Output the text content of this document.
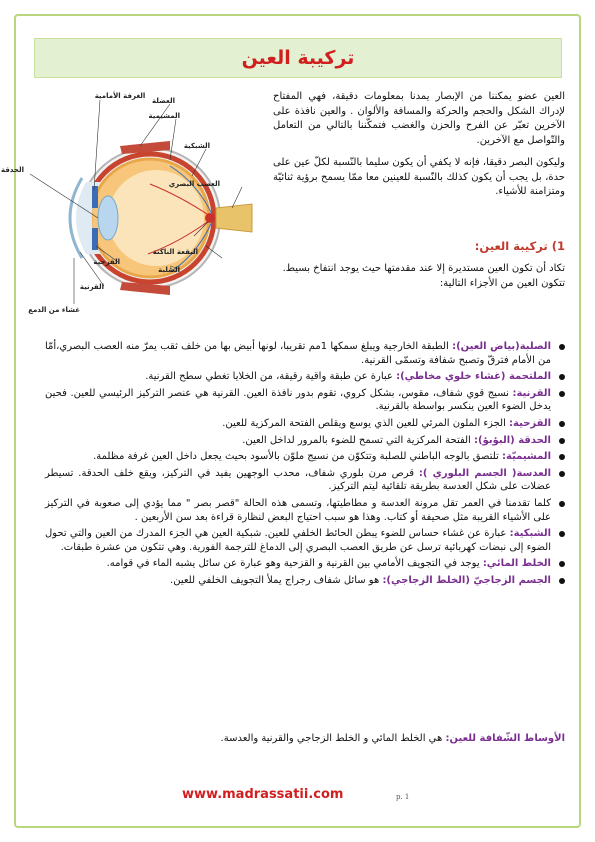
تركيبة العين
الغرفة الأمامية
العضلة
المشيمية
الشبكية
العصب البصري
البقعة الناكتة
الصُلبة
القزحية
القرنية
غشاء من الدمع
الحدقة

العين عضو يمكننا من الإبصار يمدنا بمعلومات دقيقة، فهي المفتاح لإدراك الشكل والحجم والحركة والمسافة والألوان . والعين نافذة على الآخرين تعبّر عن الفرح والحزن والغضب فتمكّننا بالتالي من التعامل والتّواصل مع الآخرين.

وليكون البصر دقيقا، فإنه لا يكفي أن يكون سليما بالنّسبة لكلّ عين على حدة، بل يجب أن يكون كذلك بالنّسبة للعينين معا ممّا يسمح برؤية ثنائيّة ومتزامنة للأشياء.

1) تركيبة العين:
تكاد أن تكون العين مستديرة إلا عند مقدمتها حيث يوجد انتفاخ بسيط. تتكون العين من الأجزاء التالية:
الصلبة(بياض العين): الطبقة الخارجية ويبلغ سمكها 1مم تقريبا، لونها أبيض بها من خلف ثقب يمرّ منه العصب البصري،أمّا من الأمام فترقّ وتصبح شفافة وتسمّى القرنية.
الملتحمة (غشاء خلوي مخاطي): عبارة عن طبقة واقية رقيقة، من الخلايا تغطي سطح القرنية.
القرنية: نسيج قوي شفاف، مقوس، بشكل كروي، تقوم بدور نافذة العين. القرنية هي عنصر التركيز الرئيسي للعين. فحين يدخل الضوء العين ينكسر بواسطة بالقرنية.
القزحية: الجزء الملون المرئي للعين الذي يوسع ويقلص الفتحة المركزية للعين.
الحدقة (البؤبؤ): الفتحة المركزية التي تسمح للضوء بالمرور لداخل العين.
المشيميّة: تلتصق بالوجه الباطني للصلبة وتتكوّن من نسيج ملوّن بالأسود بحيث يجعل داخل العين غرفة مظلمة.
العدسة( الجسم البلوري ): قرص مرن بلوري شفاف، محدب الوجهين يفيد في التركيز، ويقع خلف الحدقة. تسيطر عضلات على شكل العدسة بطريقة تلقائية ليتم التركيز.
كلما تقدمنا في العمر تقل مرونة العدسة و مطاطيتها، وتسمى هذه الحالة "قصر بصر " مما يؤدي إلى صعوبة في التركيز على الأشياء القريبة مثل صحيفة أو كتاب. وهذا هو سبب احتياج البعض لنظارة قراءة بعد سن الأربعين .
الشبكية: عبارة عن غشاء حساس للضوء يبطن الحائط الخلفي للعين. شبكية العين هي الجزء المدرك من العين والتي تحول الضوء إلى نبضات كهربائية ترسل عن طريق العصب البصري إلى الدماغ للترجمة الفورية. وهي تتكون من عشرة طبقات.
الخلط المائي: يوجد في التجويف الأمامي بين القرنية و القزحية وهو عبارة عن سائل يشبه الماء في قوامه.
الجسم الزجاجيّ (الخلط الزجاجي): هو سائل شفاف رجراج يملأ التجويف الخلفي للعين.
الأوساط الشّفافة للعين: هي الخلط المائي و الخلط الزجاجي والقرنية والعدسة.
www.madrassatii.com	p. 1
